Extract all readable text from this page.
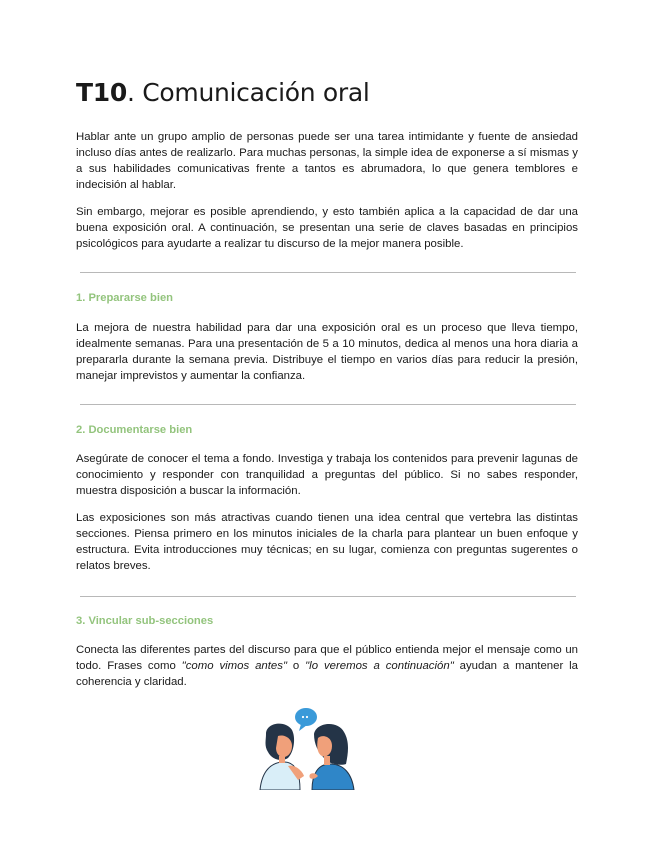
T10. Comunicación oral

Hablar ante un grupo amplio de personas puede ser una tarea intimidante y fuente de ansiedad incluso días antes de realizarlo. Para muchas personas, la simple idea de exponerse a sí mismas y a sus habilidades comunicativas frente a tantos es abrumadora, lo que genera temblores e indecisión al hablar.

Sin embargo, mejorar es posible aprendiendo, y esto también aplica a la capacidad de dar una buena exposición oral. A continuación, se presentan una serie de claves basadas en principios psicológicos para ayudarte a realizar tu discurso de la mejor manera posible.

1. Prepararse bien

La mejora de nuestra habilidad para dar una exposición oral es un proceso que lleva tiempo, idealmente semanas. Para una presentación de 5 a 10 minutos, dedica al menos una hora diaria a prepararla durante la semana previa. Distribuye el tiempo en varios días para reducir la presión, manejar imprevistos y aumentar la confianza.

2. Documentarse bien

Asegúrate de conocer el tema a fondo. Investiga y trabaja los contenidos para prevenir lagunas de conocimiento y responder con tranquilidad a preguntas del público. Si no sabes responder, muestra disposición a buscar la información.

Las exposiciones son más atractivas cuando tienen una idea central que vertebra las distintas secciones. Piensa primero en los minutos iniciales de la charla para plantear un buen enfoque y estructura. Evita introducciones muy técnicas; en su lugar, comienza con preguntas sugerentes o relatos breves.

3. Vincular sub-secciones

Conecta las diferentes partes del discurso para que el público entienda mejor el mensaje como un todo. Frases como "como vimos antes" o "lo veremos a continuación" ayudan a mantener la coherencia y claridad.
